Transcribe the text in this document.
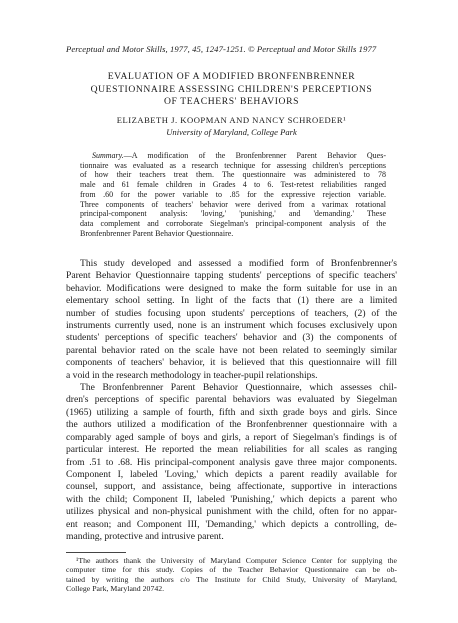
Perceptual and Motor Skills, 1977, 45, 1247-1251. © Perceptual and Motor Skills 1977
EVALUATION OF A MODIFIED BRONFENBRENNER
QUESTIONNAIRE ASSESSING CHILDREN'S PERCEPTIONS
OF TEACHERS' BEHAVIORS
ELIZABETH J. KOOPMAN AND NANCY SCHROEDER¹
University of Maryland, College Park
Summary.—A modification of the Bronfenbrenner Parent Behavior Ques-
tionnaire was evaluated as a research technique for assessing children's perceptions
of how their teachers treat them. The questionnaire was administered to 78
male and 61 female children in Grades 4 to 6. Test-retest reliabilities ranged
from .60 for the power variable to .85 for the expressive rejection variable.
Three components of teachers' behavior were derived from a varimax rotational
principal-component analysis: 'loving,' 'punishing,' and 'demanding.' These
data complement and corroborate Siegelman's principal-component analysis of the
Bronfenbrenner Parent Behavior Questionnaire.
This study developed and assessed a modified form of Bronfenbrenner's
Parent Behavior Questionnaire tapping students' perceptions of specific teachers'
behavior. Modifications were designed to make the form suitable for use in an
elementary school setting. In light of the facts that (1) there are a limited
number of studies focusing upon students' perceptions of teachers, (2) of the
instruments currently used, none is an instrument which focuses exclusively upon
students' perceptions of specific teachers' behavior and (3) the components of
parental behavior rated on the scale have not been related to seemingly similar
components of teachers' behavior, it is believed that this questionnaire will fill
a void in the research methodology in teacher-pupil relationships.
The Bronfenbrenner Parent Behavior Questionnaire, which assesses chil-
dren's perceptions of specific parental behaviors was evaluated by Siegelman
(1965) utilizing a sample of fourth, fifth and sixth grade boys and girls. Since
the authors utilized a modification of the Bronfenbrenner questionnaire with a
comparably aged sample of boys and girls, a report of Siegelman's findings is of
particular interest. He reported the mean reliabilities for all scales as ranging
from .51 to .68. His principal-component analysis gave three major components.
Component I, labeled 'Loving,' which depicts a parent readily available for
counsel, support, and assistance, being affectionate, supportive in interactions
with the child; Component II, labeled 'Punishing,' which depicts a parent who
utilizes physical and non-physical punishment with the child, often for no appar-
ent reason; and Component III, 'Demanding,' which depicts a controlling, de-
manding, protective and intrusive parent.
¹The authors thank the University of Maryland Computer Science Center for supplying the
computer time for this study. Copies of the Teacher Behavior Questionnaire can be ob-
tained by writing the authors c/o The Institute for Child Study, University of Maryland,
College Park, Maryland 20742.
